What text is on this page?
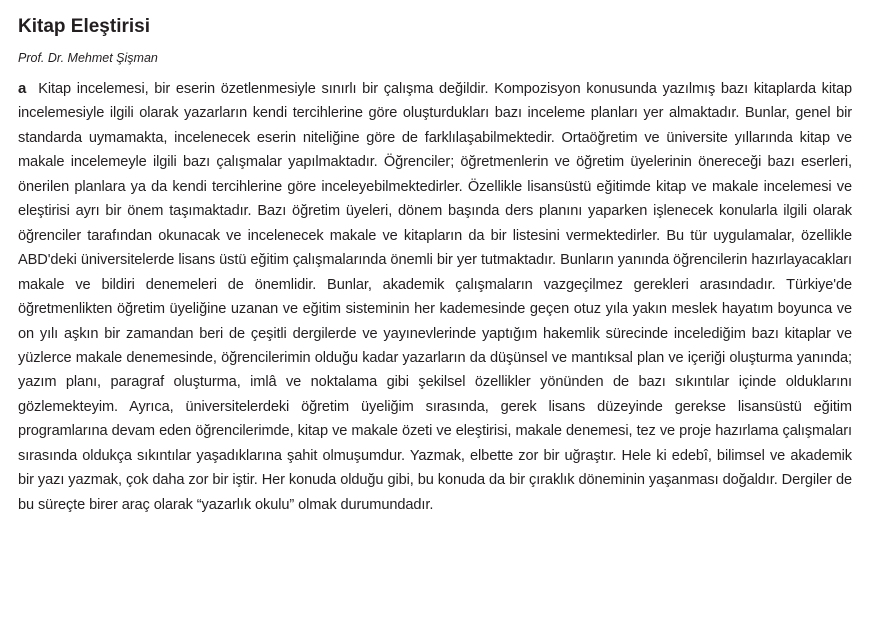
Kitap Eleştirisi

Prof. Dr. Mehmet Şişman

a Kitap incelemesi, bir eserin özetlenmesiyle sınırlı bir çalışma değildir. Kompozisyon konusunda yazılmış bazı kitaplarda kitap incelemesiyle ilgili olarak yazarların kendi tercihlerine göre oluşturdukları bazı inceleme planları yer almaktadır. Bunlar, genel bir standarda uymamakta, incelenecek eserin niteliğine göre de farklılaşabilmektedir. Ortaöğretim ve üniversite yıllarında kitap ve makale incelemeyle ilgili bazı çalışmalar yapılmaktadır. Öğrenciler; öğretmenlerin ve öğretim üyelerinin önereceği bazı eserleri, önerilen planlara ya da kendi tercihlerine göre inceleyebilmektedirler. Özellikle lisansüstü eğitimde kitap ve makale incelemesi ve eleştirisi ayrı bir önem taşımaktadır. Bazı öğretim üyeleri, dönem başında ders planını yaparken işlenecek konularla ilgili olarak öğrenciler tarafından okunacak ve incelenecek makale ve kitapların da bir listesini vermektedirler. Bu tür uygulamalar, özellikle ABD'deki üniversitelerde lisans üstü eğitim çalışmalarında önemli bir yer tutmaktadır. Bunların yanında öğrencilerin hazırlayacakları makale ve bildiri denemeleri de önemlidir. Bunlar, akademik çalışmaların vazgeçilmez gerekleri arasındadır. Türkiye'de öğretmenlikten öğretim üyeliğine uzanan ve eğitim sisteminin her kademesinde geçen otuz yıla yakın meslek hayatım boyunca ve on yılı aşkın bir zamandan beri de çeşitli dergilerde ve yayınevlerinde yaptığım hakemlik sürecinde incelediğim bazı kitaplar ve yüzlerce makale denemesinde, öğrencilerimin olduğu kadar yazarların da düşünsel ve mantıksal plan ve içeriği oluşturma yanında; yazım planı, paragraf oluşturma, imlâ ve noktalama gibi şekilsel özellikler yönünden de bazı sıkıntılar içinde olduklarını gözlemekteyim. Ayrıca, üniversitelerdeki öğretim üyeliğim sırasında, gerek lisans düzeyinde gerekse lisansüstü eğitim programlarına devam eden öğrencilerimde, kitap ve makale özeti ve eleştirisi, makale denemesi, tez ve proje hazırlama çalışmaları sırasında oldukça sıkıntılar yaşadıklarına şahit olmuşumdur. Yazmak, elbette zor bir uğraştır. Hele ki edebî, bilimsel ve akademik bir yazı yazmak, çok daha zor bir iştir. Her konuda olduğu gibi, bu konuda da bir çıraklık döneminin yaşanması doğaldır. Dergiler de bu süreçte birer araç olarak “yazarlık okulu” olmak durumundadır.
